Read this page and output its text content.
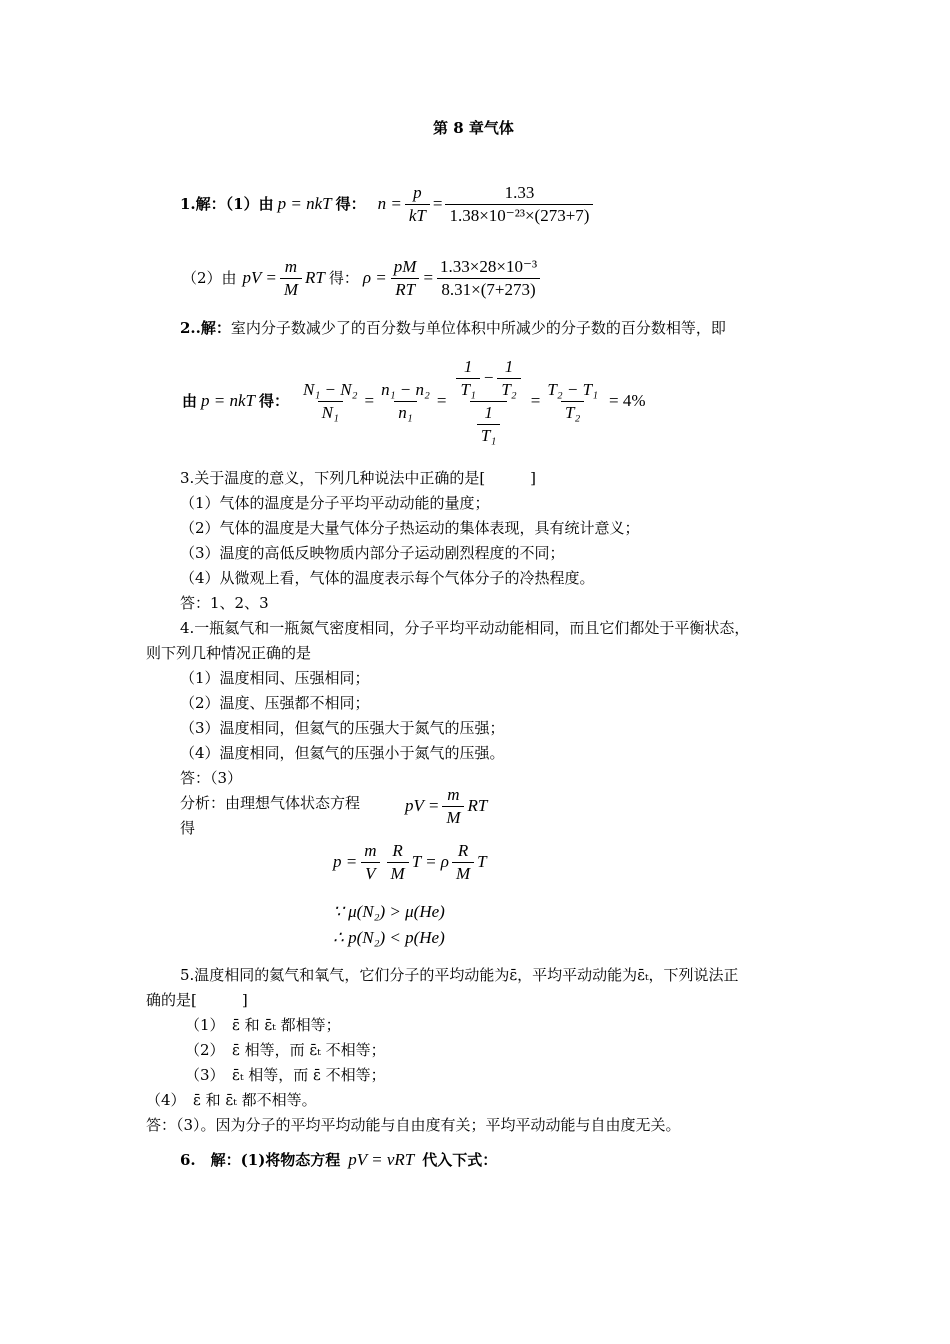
第 8 章气体
1.解：（1）由 p = nkT 得： $n = \frac{p}{kT} = \frac{1.33}{\text{1.38×10⁻²³×(273+7)}}$
（2）由 pV = $\frac{m}{M}$ RT 得： $\rho = \frac{pM}{RT} = \frac{\text{1.33×28×10⁻³}}{8.31\times(7+273)}$
2..解：室内分子数减少了的百分数与单位体积中所减少的分子数的百分数相等，即
由 p = nkT 得： $\frac{\text{N₁ − N₂}}{\text{N₁}} = \frac{\text{n₁ − n₂}}{\text{n₁}} = 1$
T₁
− $\frac{1}{\text{T₂}}$
$\frac{1}{\text{T₁}} = \frac{\text{T₂ − T₁}}{\text{T₂}} = 4\%$
3.关于温度的意义，下列几种说法中正确的是[　　　]
（1）气体的温度是分子平均平动动能的量度；
（2）气体的温度是大量气体分子热运动的集体表现，具有统计意义；
（3）温度的高低反映物质内部分子运动剧烈程度的不同；
（4）从微观上看，气体的温度表示每个气体分子的冷热程度。
答：1、2、3
4.一瓶氦气和一瓶氮气密度相同，分子平均平动动能相同，而且它们都处于平衡状态，
则下列几种情况正确的是
（1）温度相同、压强相同；
（2）温度、压强都不相同；
（3）温度相同，但氦气的压强大于氮气的压强；
（4）温度相同，但氦气的压强小于氮气的压强。
答：（3）
分析：由理想气体状态方程
得
pV = $\frac{m}{M}$ RT
$p = \frac{m}{V}$ R
M
T = ρ
R
M
T
∵ μ(N₂) > μ(He)
∴ p(N₂) < p(He)
5.温度相同的氦气和氧气，它们分子的平均动能为ε̄，平均平动动能为ε̄ₜ，下列说法正
确的是[　　　]
（1）　ε̄ 和 ε̄ₜ 都相等；
（2）　ε̄ 相等，而 ε̄ₜ 不相等；
（3）　ε̄ₜ 相等，而 ε̄ 不相等；
（4）　ε̄ 和 ε̄ₜ 都不相等。
答：（3）。因为分子的平均平均动能与自由度有关；平均平动动能与自由度无关。
6.　解：(1)将物态方程 pV = νRT 代入下式：
